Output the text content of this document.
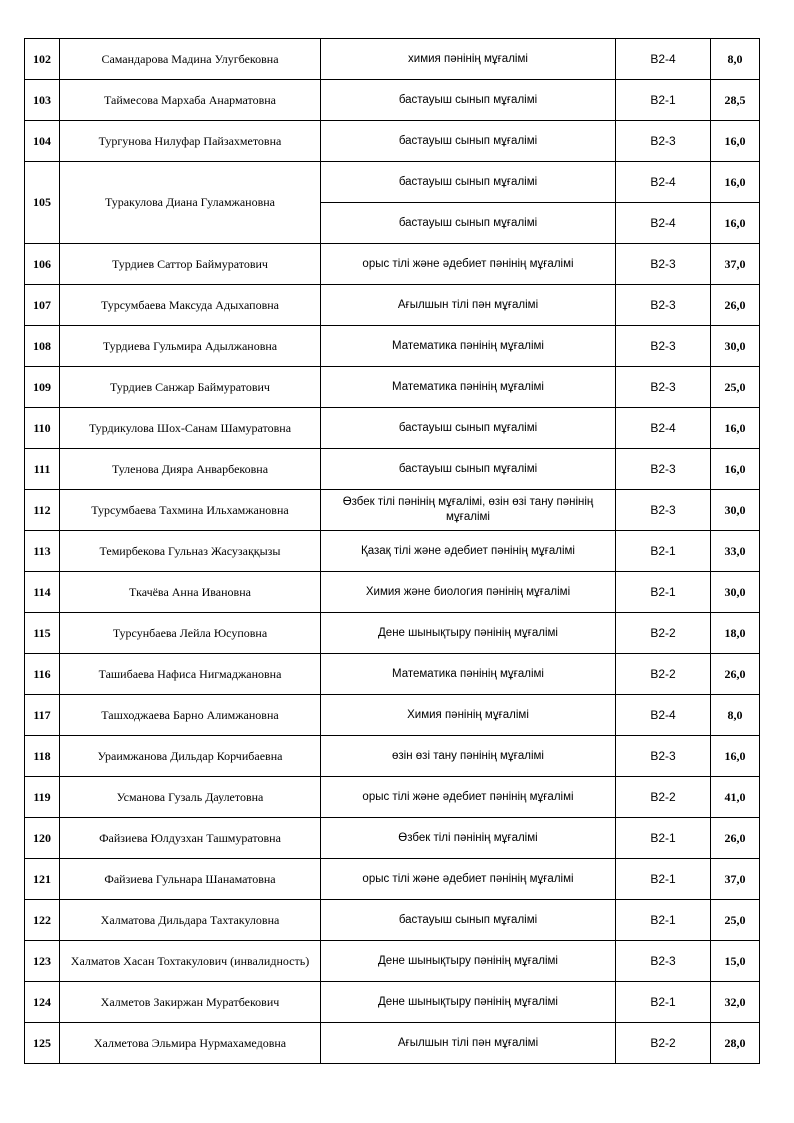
102	Самандарова Мадина Улугбековна	химия пәнінің мұғалімі	В2-4	8,0
103	Таймесова Мархаба Анарматовна	бастауыш сынып мұғалімі	В2-1	28,5
104	Тургунова Нилуфар Пайзахметовна	бастауыш сынып мұғалімі	В2-3	16,0
105	Туракулова Диана Гуламжановна	бастауыш сынып мұғалімі	В2-4	16,0
		бастауыш сынып мұғалімі	В2-4	16,0
106	Турдиев Саттор Баймуратович	орыс тілі және әдебиет пәнінің мұғалімі	В2-3	37,0
107	Турсумбаева Максуда Адыхаповна	Ағылшын тілі пән мұғалімі	В2-3	26,0
108	Турдиева Гульмира Адылжановна	Математика пәнінің мұғалімі	В2-3	30,0
109	Турдиев Санжар Баймуратович	Математика пәнінің мұғалімі	В2-3	25,0
110	Турдикулова Шох-Санам Шамуратовна	бастауыш сынып мұғалімі	В2-4	16,0
111	Туленова Дияра Анварбековна	бастауыш сынып мұғалімі	В2-3	16,0
112	Турсумбаева Тахмина Ильхамжановна	Өзбек тілі пәнінің мұғалімі, өзін өзі тану пәнінің мұғалімі	В2-3	30,0
113	Темирбекова Гульназ Жасузаққызы	Қазақ тілі және әдебиет пәнінің мұғалімі	В2-1	33,0
114	Ткачёва Анна Ивановна	Химия және биология пәнінің мұғалімі	В2-1	30,0
115	Турсунбаева Лейла Юсуповна	Дене шынықтыру пәнінің мұғалімі	В2-2	18,0
116	Ташибаева Нафиса Нигмаджановна	Математика пәнінің мұғалімі	В2-2	26,0
117	Ташходжаева Барно Алимжановна	Химия пәнінің мұғалімі	В2-4	8,0
118	Ураимжанова Дильдар Корчибаевна	өзін өзі тану пәнінің мұғалімі	В2-3	16,0
119	Усманова Гузаль Даулетовна	орыс тілі және әдебиет пәнінің мұғалімі	В2-2	41,0
120	Файзиева Юлдузхан Ташмуратовна	Өзбек тілі пәнінің мұғалімі	В2-1	26,0
121	Файзиева Гульнара Шанаматовна	орыс тілі және әдебиет пәнінің мұғалімі	В2-1	37,0
122	Халматова Дильдара Тахтакуловна	бастауыш сынып мұғалімі	В2-1	25,0
123	Халматов Хасан Тохтакулович (инвалидность)	Дене шынықтыру пәнінің мұғалімі	В2-3	15,0
124	Халметов Закиржан Муратбекович	Дене шынықтыру пәнінің мұғалімі	В2-1	32,0
125	Халметова Эльмира Нурмахамедовна	Ағылшын тілі пән мұғалімі	В2-2	28,0
